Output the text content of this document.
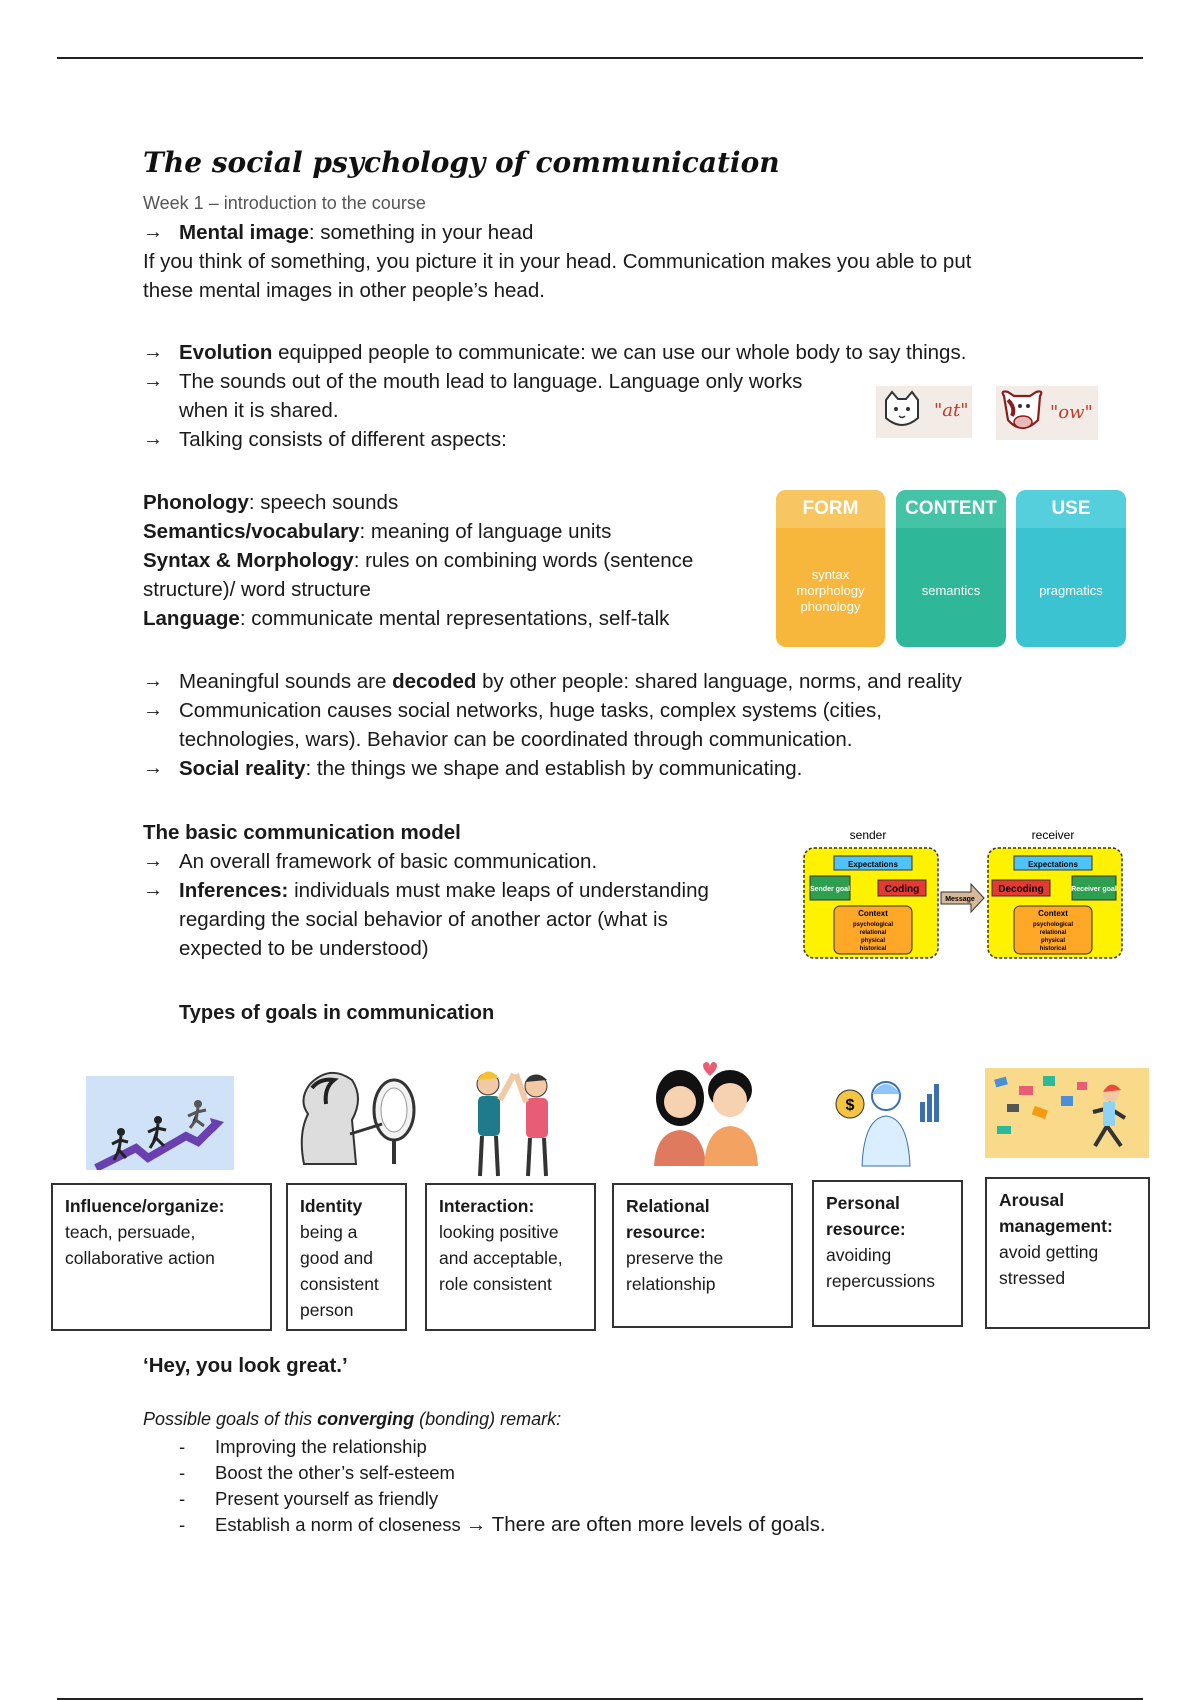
The social psychology of communication
Week 1 – introduction to the course
→ Mental image: something in your head
If you think of something, you picture it in your head. Communication makes you able to put
these mental images in other people’s head.
→ Evolution equipped people to communicate: we can use our whole body to say things.
→ The sounds out of the mouth lead to language. Language only works
when it is shared.
→ Talking consists of different aspects:
"at"	"ow"
Phonology: speech sounds
Semantics/vocabulary: meaning of language units
Syntax & Morphology: rules on combining words (sentence
structure)/ word structure
Language: communicate mental representations, self-talk
FORM
syntax
morphology
phonology
CONTENT
semantics
USE
pragmatics
→ Meaningful sounds are decoded by other people: shared language, norms, and reality
→ Communication causes social networks, huge tasks, complex systems (cities,
technologies, wars). Behavior can be coordinated through communication.
→ Social reality: the things we shape and establish by communicating.
The basic communication model
→ An overall framework of basic communication.
→ Inferences: individuals must make leaps of understanding
regarding the social behavior of another actor (what is
expected to be understood)
sender	receiver
Expectations
Sender goal	Coding
Context
psychological
relational
physical
historical
Message
Expectations
Decoding	Receiver goal
Context
psychological
relational
physical
historical
Types of goals in communication
$
Influence/organize:
teach, persuade, collaborative action
Identity
being a good and consistent person
Interaction:
looking positive and acceptable, role consistent
Relational resource:
preserve the relationship
Personal resource:
avoiding repercussions
Arousal management:
avoid getting stressed
‘Hey, you look great.’
Possible goals of this converging (bonding) remark:
-	Improving the relationship
-	Boost the other’s self-esteem
-	Present yourself as friendly
-	Establish a norm of closeness → There are often more levels of goals.
